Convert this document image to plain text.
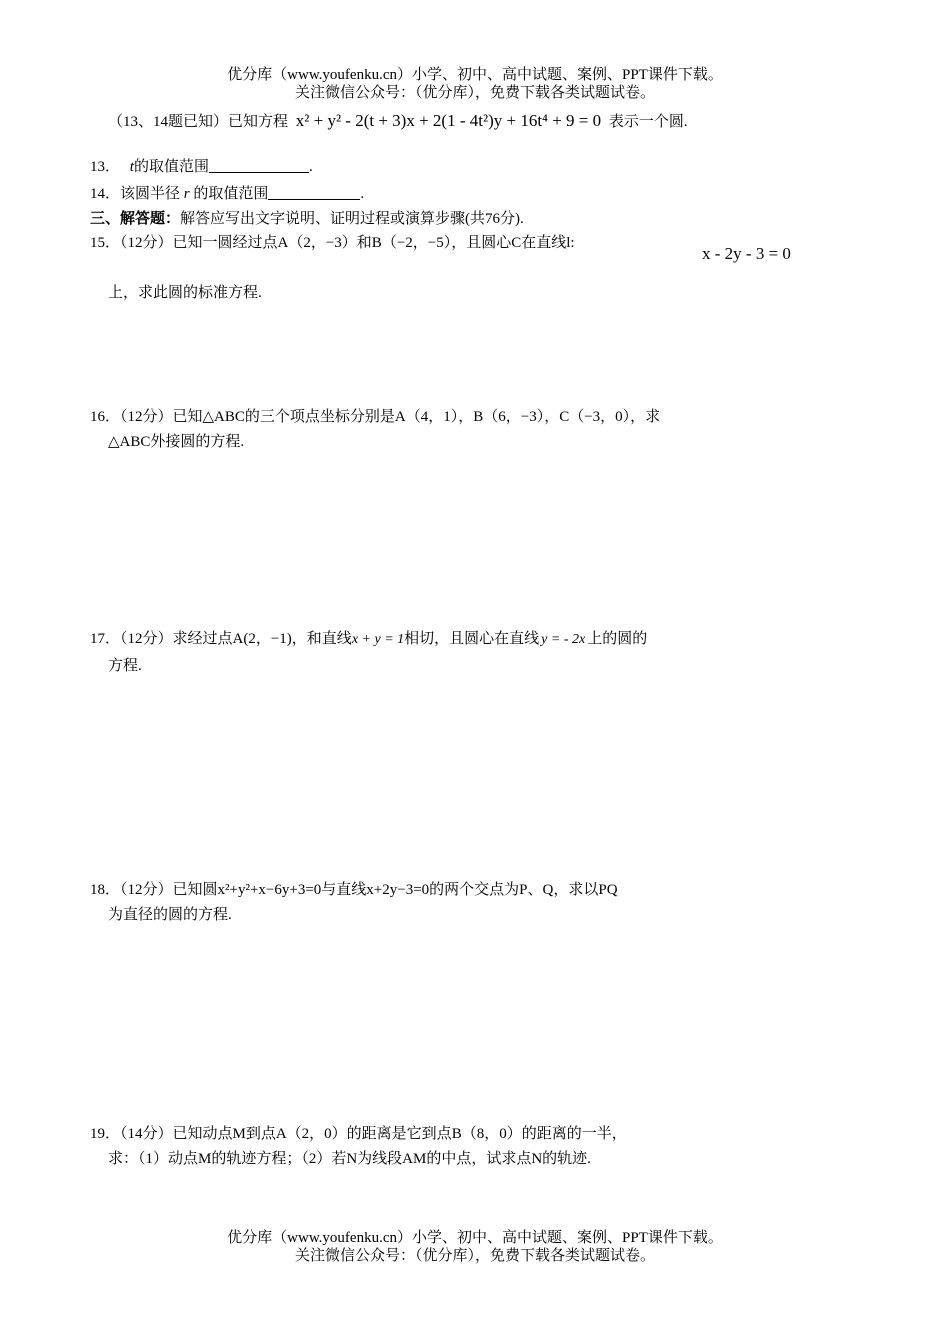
优分库（www.youfenku.cn）小学、初中、高中试题、案例、PPT课件下载。
关注微信公众号：（优分库），免费下载各类试题试卷。
（13、14题已知）已知方程 x² + y² - 2(t + 3)x + 2(1 - 4t²)y + 16t⁴ + 9 = 0 表示一个圆.
13． t的取值范围	.
14．该圆半径 r 的取值范围	.
三、解答题：解答应写出文字说明、证明过程或演算步骤(共76分).
15．（12分）已知一圆经过点A（2，−3）和B（−2，−5），且圆心C在直线l:
x - 2y - 3 = 0
上，求此圆的标准方程.
16．（12分）已知△ABC的三个项点坐标分别是A（4，1），B（6，−3），C（−3，0），求
△ABC外接圆的方程.
17．（12分）求经过点A(2，−1)，和直线x + y = 1相切，且圆心在直线 y = - 2x 上的圆的
方程.
18．（12分）已知圆x²+y²+x−6y+3=0与直线x+2y−3=0的两个交点为P、Q，求以PQ
为直径的圆的方程.
19．（14分）已知动点M到点A（2，0）的距离是它到点B（8，0）的距离的一半，
求：（1）动点M的轨迹方程；（2）若N为线段AM的中点，试求点N的轨迹.
优分库（www.youfenku.cn）小学、初中、高中试题、案例、PPT课件下载。
关注微信公众号：（优分库），免费下载各类试题试卷。
